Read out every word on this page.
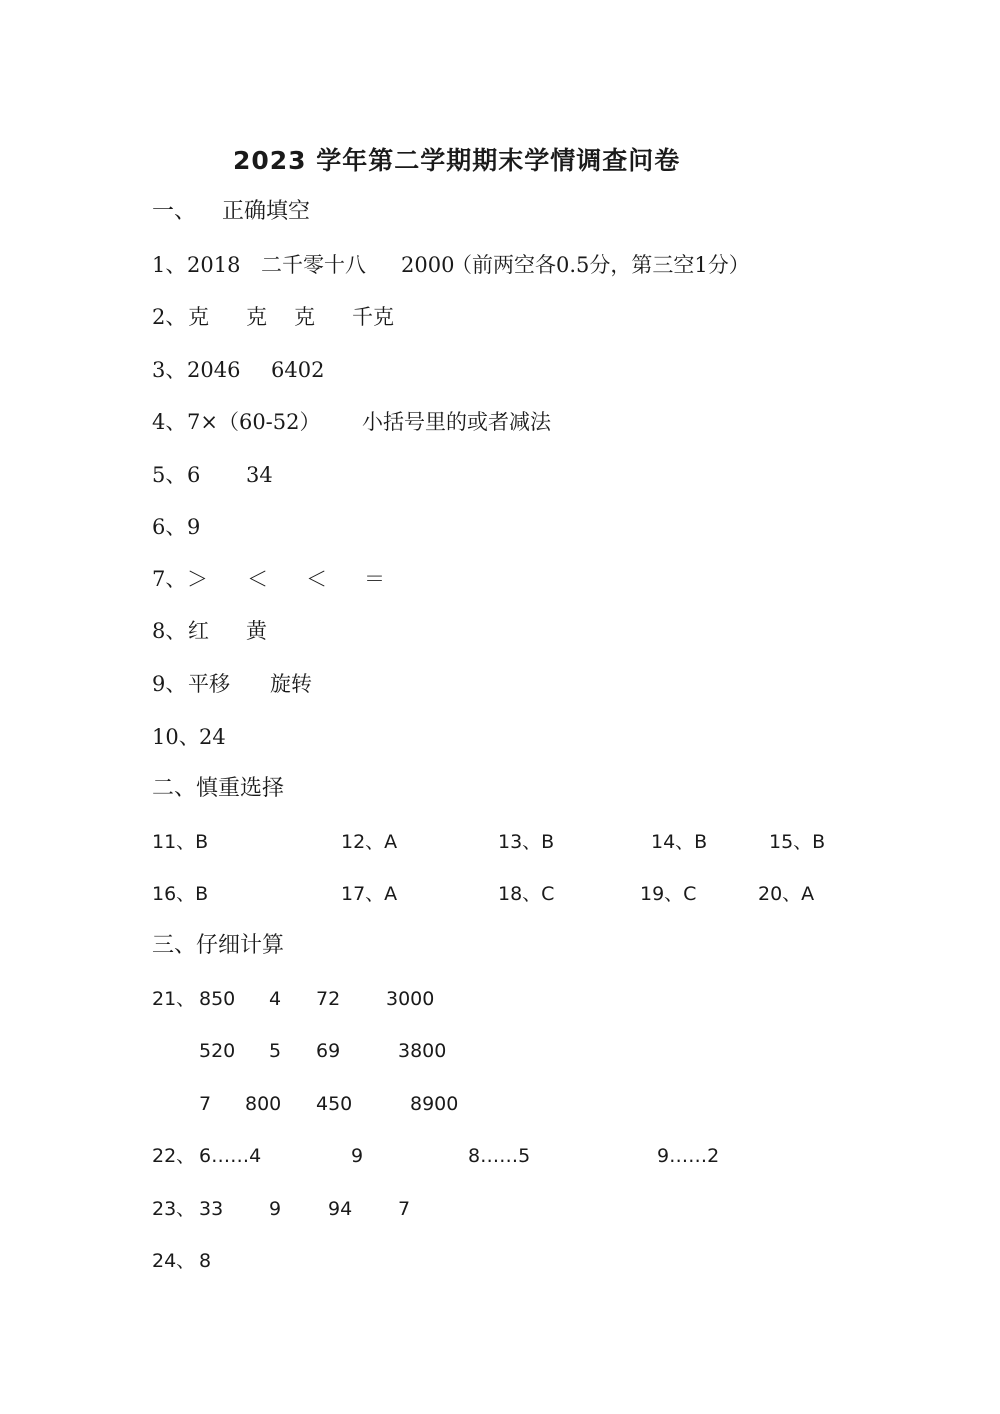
2023 学年第二学期期末学情调查问卷
一、 正确填空
1、 2018 二千零十八 2000
（前两空各0.5分，第三空1分）
2、 克 克 克 千克
3、 2046 6402
4、 7×（60-52） 小括号里的或者减法
5、 6 34
6、 9
7、 ＞ ＜ ＜ ＝
8、 红 黄
9、 平移 旋转
10、 24
二、慎重选择
11、B	12、A	13、B	14、B	15、B
16、B	17、A	18、C	19、C	20、A
三、仔细计算
21、 850 4 72 3000
520 5 69	3800
7 800 450	8900
22、 6……4	9	8……5	9……2
23、 33 9 94 7
24、 8
